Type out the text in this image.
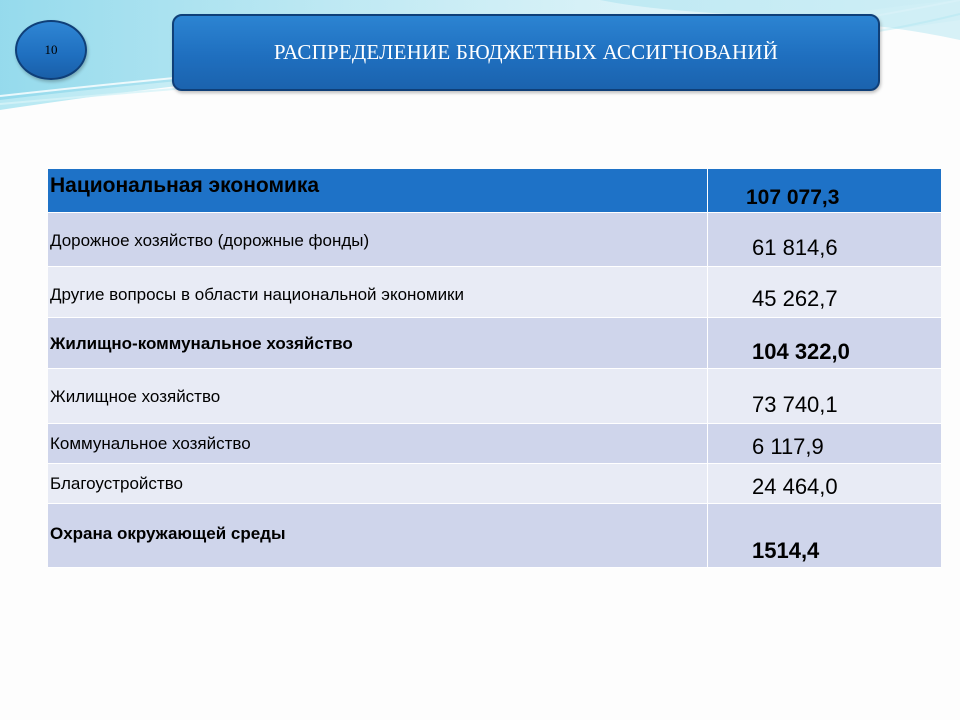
10	РАСПРЕДЕЛЕНИЕ БЮДЖЕТНЫХ АССИГНОВАНИЙ
Национальная экономика	107 077,3
Дорожное хозяйство (дорожные фонды)	61 814,6
Другие вопросы в области национальной экономики	45 262,7
Жилищно-коммунальное хозяйство	104 322,0
Жилищное хозяйство	73 740,1
Коммунальное хозяйство	6 117,9
Благоустройство	24 464,0
Охрана окружающей среды	1514,4
